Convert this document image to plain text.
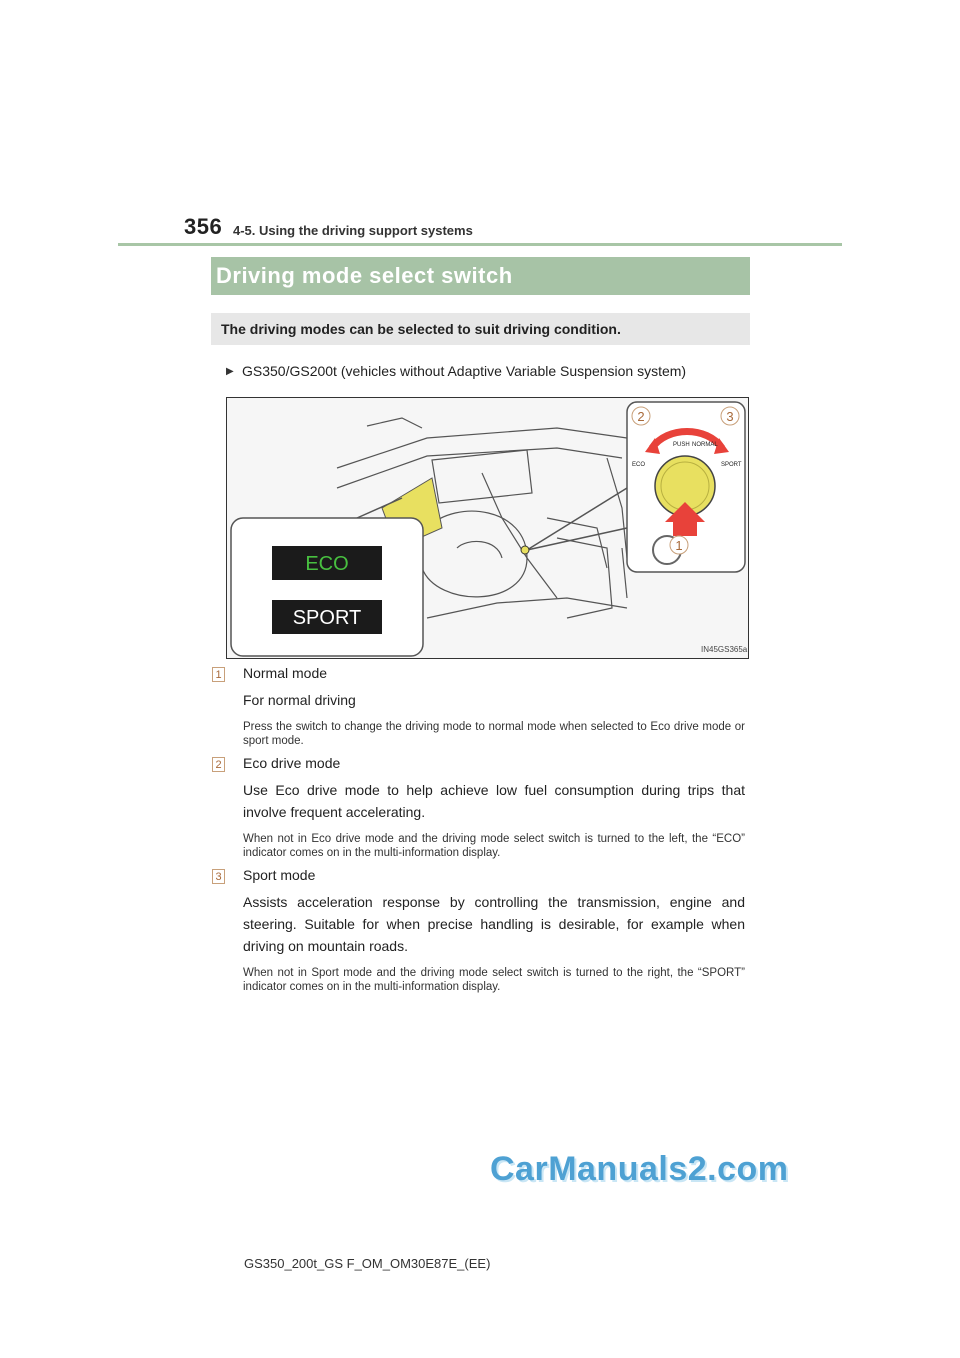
356 4-5. Using the driving support systems
Driving mode select switch
The driving modes can be selected to suit driving condition.
▶ GS350/GS200t (vehicles without Adaptive Variable Suspension system)
ECO
SPORT
PUSH NORMAL
ECO	SPORT
2	3
1
IN45GS365a
1 Normal mode
For normal driving
Press the switch to change the driving mode to normal mode when selected to Eco drive mode or sport mode.
2 Eco drive mode
Use Eco drive mode to help achieve low fuel consumption during trips that involve frequent accelerating.
When not in Eco drive mode and the driving mode select switch is turned to the left, the “ECO” indicator comes on in the multi-information display.
3 Sport mode
Assists acceleration response by controlling the transmission, engine and steering. Suitable for when precise handling is desirable, for example when driving on mountain roads.
When not in Sport mode and the driving mode select switch is turned to the right, the “SPORT” indicator comes on in the multi-information display.
CarManuals2.com
GS350_200t_GS F_OM_OM30E87E_(EE)
